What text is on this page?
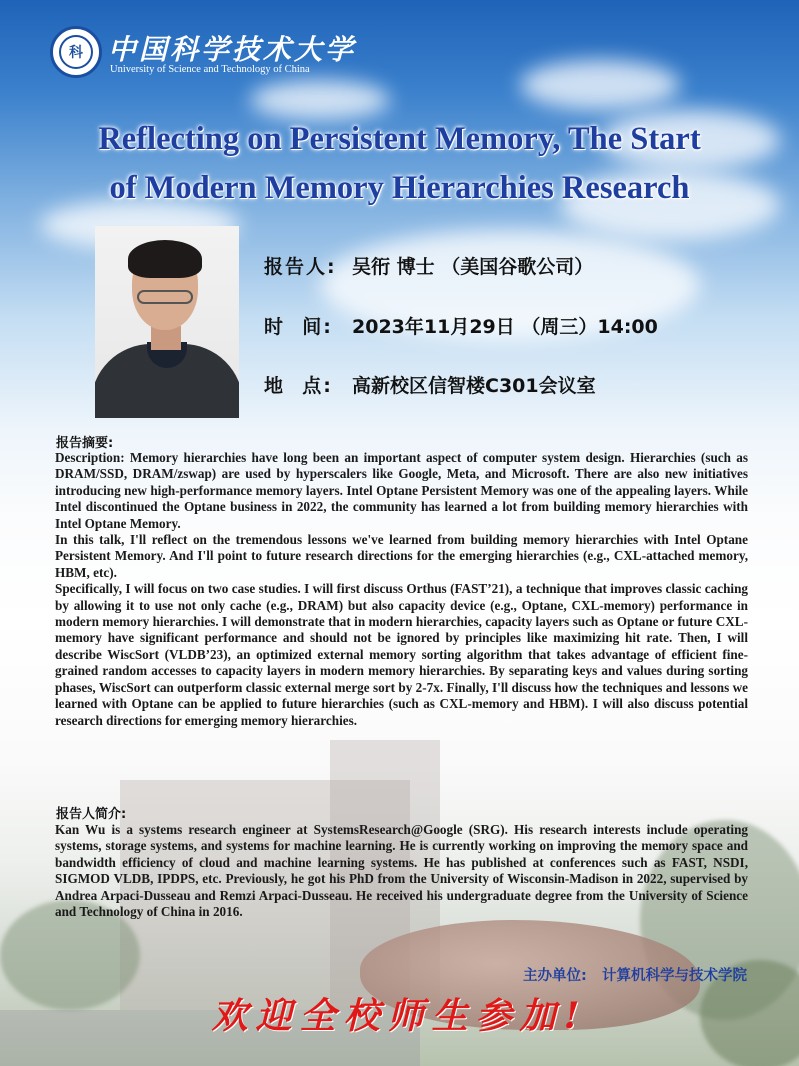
科 中国科学技术大学
University of Science and Technology of China
Reflecting on Persistent Memory, The Start
of Modern Memory Hierarchies Research
报告人: 吴衎 博士 （美国谷歌公司）
时  间: 2023年11月29日 （周三）14:00
地  点: 高新校区信智楼C301会议室
报告摘要:
Description: Memory hierarchies have long been an important aspect of computer system design. Hierarchies (such as DRAM/SSD, DRAM/zswap) are used by hyperscalers like Google, Meta, and Microsoft. There are also new initiatives introducing new high-performance memory layers. Intel Optane Persistent Memory was one of the appealing layers. While Intel discontinued the Optane business in 2022, the community has learned a lot from building memory hierarchies with Intel Optane Memory.
In this talk, I'll reflect on the tremendous lessons we've learned from building memory hierarchies with Intel Optane Persistent Memory. And I'll point to future research directions for the emerging hierarchies (e.g., CXL-attached memory, HBM, etc).
Specifically, I will focus on two case studies. I will first discuss Orthus (FAST’21), a technique that improves classic caching by allowing it to use not only cache (e.g., DRAM) but also capacity device (e.g., Optane, CXL-memory) performance in modern memory hierarchies. I will demonstrate that in modern hierarchies, capacity layers such as Optane or future CXL-memory have significant performance and should not be ignored by principles like maximizing hit rate. Then, I will describe WiscSort (VLDB’23), an optimized external memory sorting algorithm that takes advantage of efficient fine-grained random accesses to capacity layers in modern memory hierarchies. By separating keys and values during sorting phases, WiscSort can outperform classic external merge sort by 2-7x. Finally, I'll discuss how the techniques and lessons we learned with Optane can be applied to future hierarchies (such as CXL-memory and HBM). I will also discuss potential research directions for emerging memory hierarchies.
报告人简介:
Kan Wu is a systems research engineer at SystemsResearch@Google (SRG). His research interests include operating systems, storage systems, and systems for machine learning. He is currently working on improving the memory space and bandwidth efficiency of cloud and machine learning systems. He has published at conferences such as FAST, NSDI, SIGMOD VLDB, IPDPS, etc. Previously, he got his PhD from the University of Wisconsin-Madison in 2022, supervised by Andrea Arpaci-Dusseau and Remzi Arpaci-Dusseau. He received his undergraduate degree from the University of Science and Technology of China in 2016.
主办单位:   计算机科学与技术学院
欢迎全校师生参加!
